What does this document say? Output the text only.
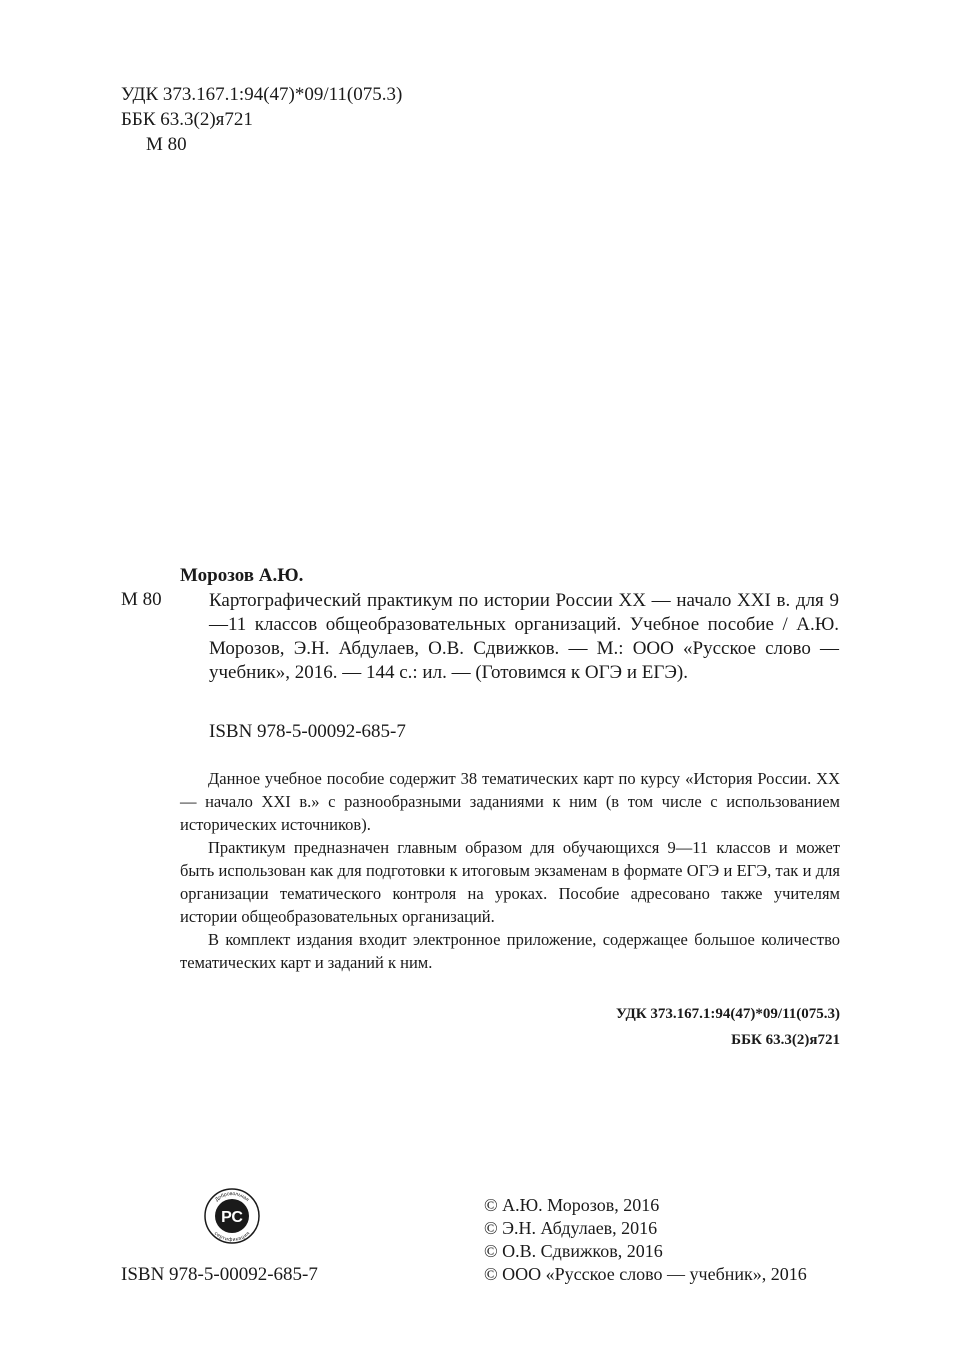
УДК 373.167.1:94(47)*09/11(075.3)
ББК 63.3(2)я721
М 80
Морозов А.Ю.
М 80 Картографический практикум по истории России ХХ — начало ХХI в. для 9—11 классов общеобразовательных организаций. Учебное пособие / А.Ю. Морозов, Э.Н. Абдулаев, О.В. Сдвижков. — М.: ООО «Русское слово — учебник», 2016. — 144 с.: ил. — (Готовимся к ОГЭ и ЕГЭ).
ISBN 978-5-00092-685-7

Данное учебное пособие содержит 38 тематических карт по курсу «История России. ХХ — начало ХХI в.» с разнообразными заданиями к ним (в том числе с использованием исторических источников).

Практикум предназначен главным образом для обучающихся 9—11 классов и может быть использован как для подготовки к итоговым экзаменам в формате ОГЭ и ЕГЭ, так и для организации тематического контроля на уроках. Пособие адресовано также учителям истории общеобразовательных организаций.

В комплект издания входит электронное приложение, содержащее большое количество тематических карт и заданий к ним.

УДК 373.167.1:94(47)*09/11(075.3)
ББК 63.3(2)я721
Добровольная
сертификация
РС
ISBN 978-5-00092-685-7
© А.Ю. Морозов, 2016
© Э.Н. Абдулаев, 2016
© О.В. Сдвижков, 2016
© ООО «Русское слово — учебник», 2016
